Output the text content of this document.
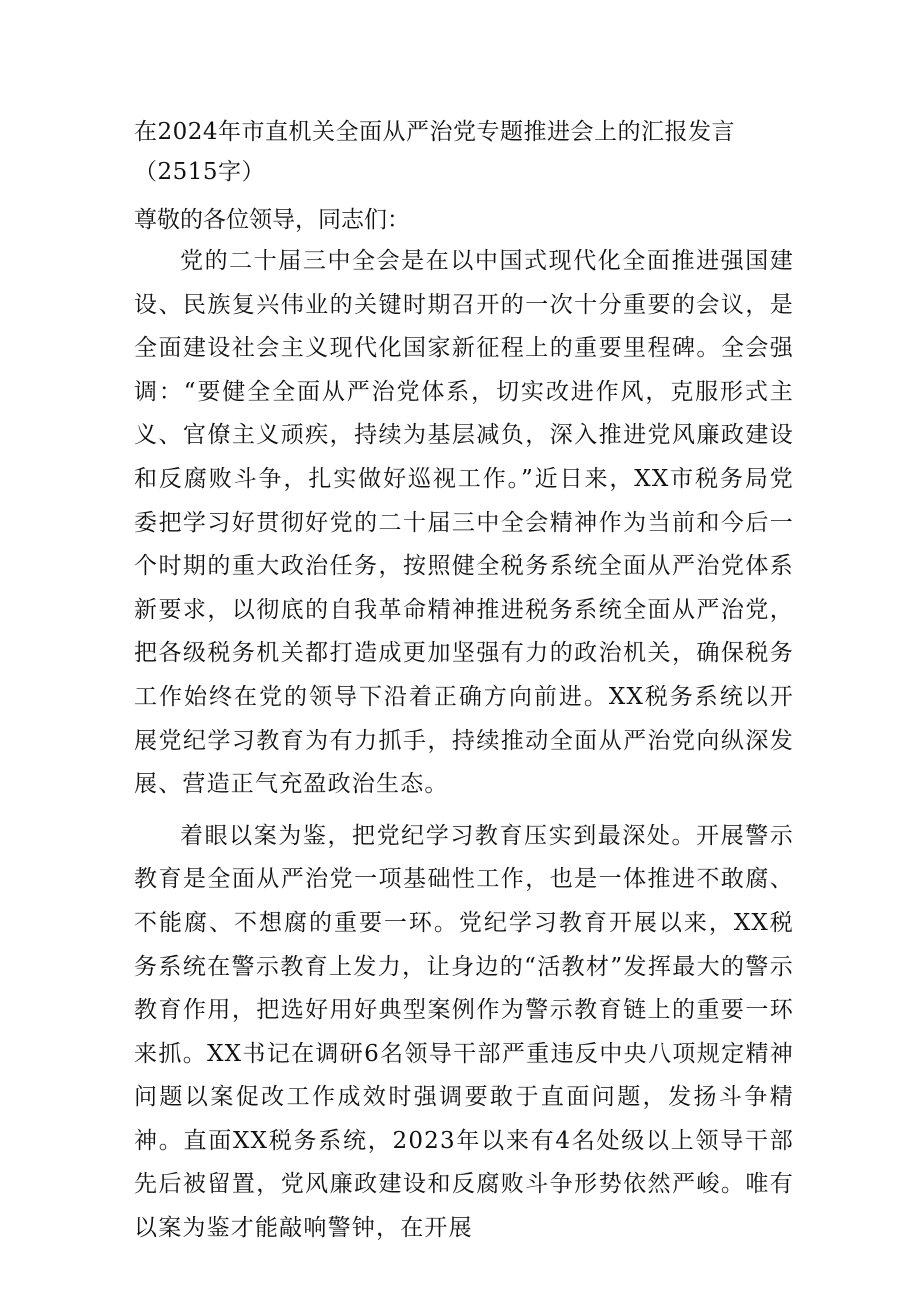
在2024年市直机关全面从严治党专题推进会上的汇报发言（2515字）

尊敬的各位领导，同志们：

党的二十届三中全会是在以中国式现代化全面推进强国建设、民族复兴伟业的关键时期召开的一次十分重要的会议，是全面建设社会主义现代化国家新征程上的重要里程碑。全会强调：“要健全全面从严治党体系，切实改进作风，克服形式主义、官僚主义顽疾，持续为基层减负，深入推进党风廉政建设和反腐败斗争，扎实做好巡视工作。”近日来，XX市税务局党委把学习好贯彻好党的二十届三中全会精神作为当前和今后一个时期的重大政治任务，按照健全税务系统全面从严治党体系新要求，以彻底的自我革命精神推进税务系统全面从严治党，把各级税务机关都打造成更加坚强有力的政治机关，确保税务工作始终在党的领导下沿着正确方向前进。XX税务系统以开展党纪学习教育为有力抓手，持续推动全面从严治党向纵深发展、营造正气充盈政治生态。

着眼以案为鉴，把党纪学习教育压实到最深处。开展警示教育是全面从严治党一项基础性工作，也是一体推进不敢腐、不能腐、不想腐的重要一环。党纪学习教育开展以来，XX税务系统在警示教育上发力，让身边的“活教材”发挥最大的警示教育作用，把选好用好典型案例作为警示教育链上的重要一环来抓。XX书记在调研6名领导干部严重违反中央八项规定精神问题以案促改工作成效时强调要敢于直面问题，发扬斗争精神。直面XX税务系统，2023年以来有4名处级以上领导干部先后被留置，党风廉政建设和反腐败斗争形势依然严峻。唯有以案为鉴才能敲响警钟，在开展
